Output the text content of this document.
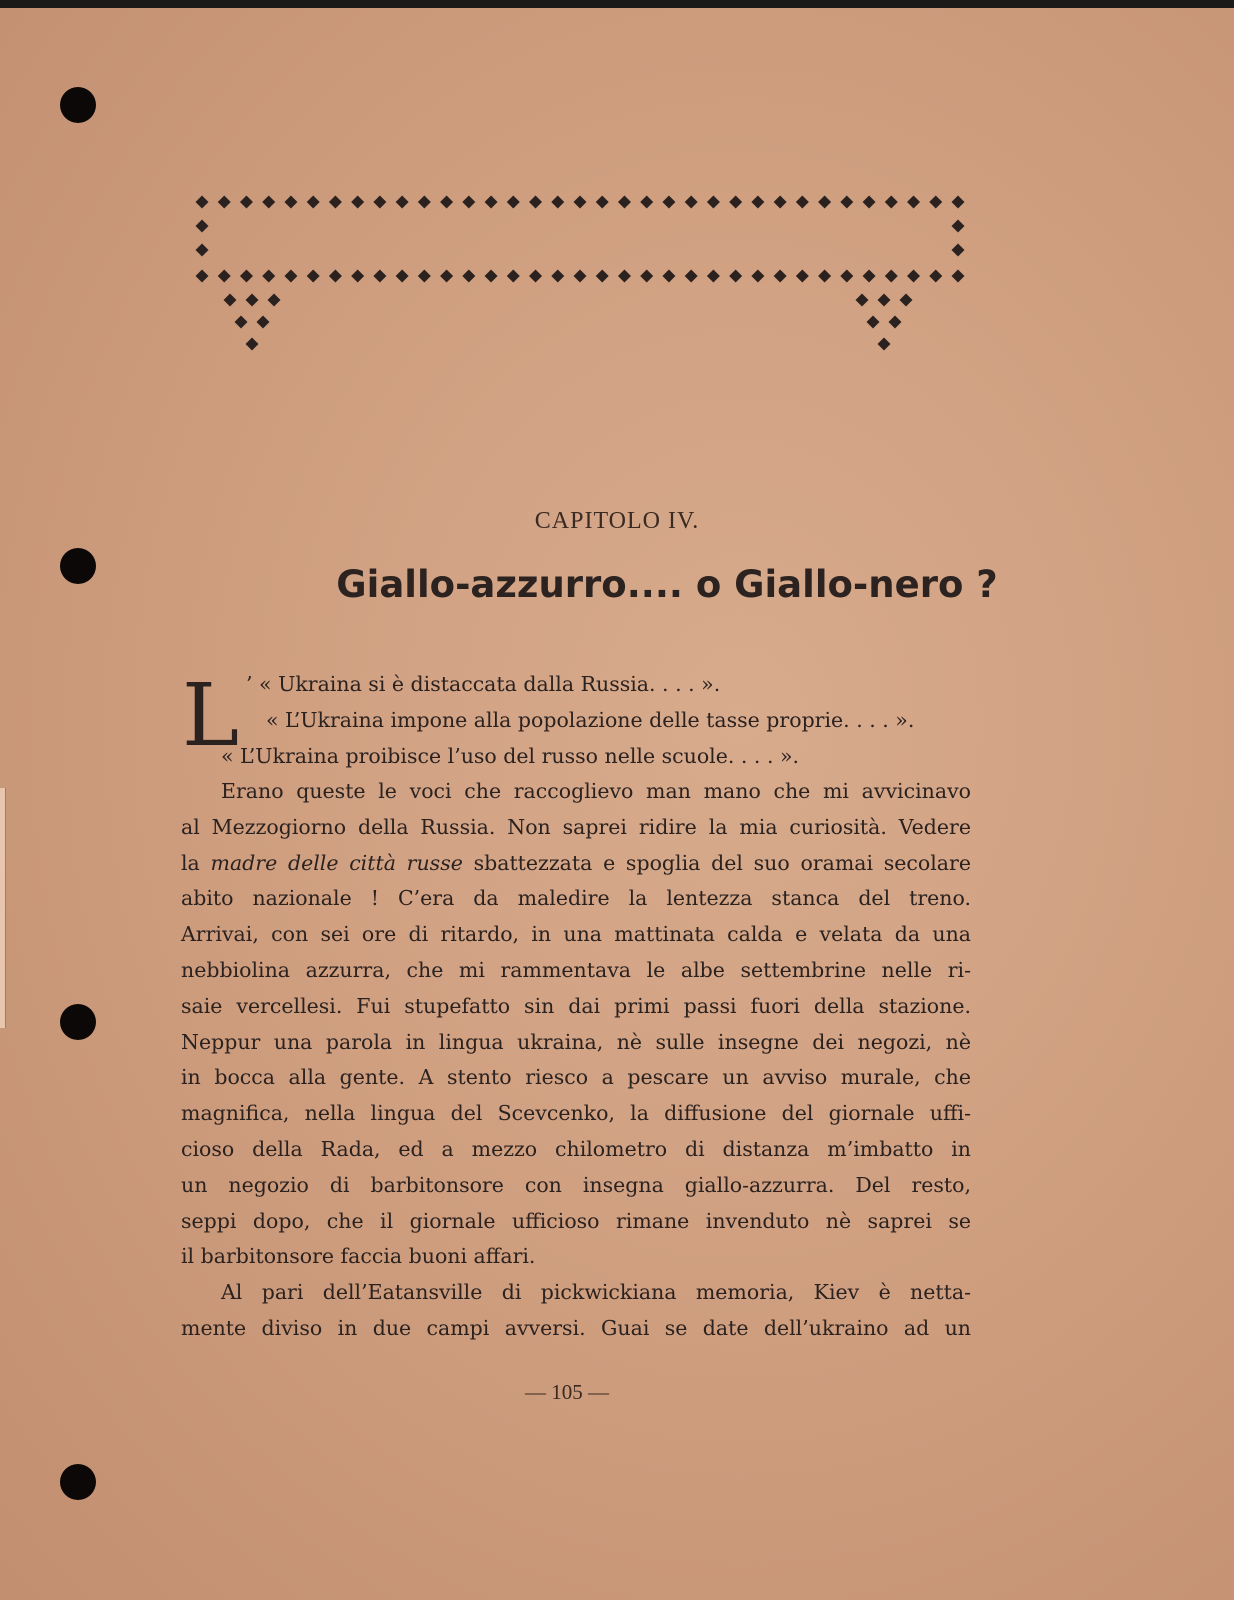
CAPITOLO IV.
Giallo-azzurro.... o Giallo-nero ?
L ’ « Ukraina si è distaccata dalla Russia. . . . ».
« L’Ukraina impone alla popolazione delle tasse proprie. . . . ».
« L’Ukraina proibisce l’uso del russo nelle scuole. . . . ».
Erano queste le voci che raccoglievo man mano che mi avvicinavo
al Mezzogiorno della Russia. Non saprei ridire la mia curiosità. Vedere
la madre delle città russe sbattezzata e spoglia del suo oramai secolare
abito nazionale ! C’era da maledire la lentezza stanca del treno.
Arrivai, con sei ore di ritardo, in una mattinata calda e velata da una
nebbiolina azzurra, che mi rammentava le albe settembrine nelle ri-
saie vercellesi. Fui stupefatto sin dai primi passi fuori della stazione.
Neppur una parola in lingua ukraina, nè sulle insegne dei negozi, nè
in bocca alla gente. A stento riesco a pescare un avviso murale, che
magnifica, nella lingua del Scevcenko, la diffusione del giornale uffi-
cioso della Rada, ed a mezzo chilometro di distanza m’imbatto in
un negozio di barbitonsore con insegna giallo-azzurra. Del resto,
seppi dopo, che il giornale ufficioso rimane invenduto nè saprei se
il barbitonsore faccia buoni affari.
Al pari dell’Eatansville di pickwickiana memoria, Kiev è netta-
mente diviso in due campi avversi. Guai se date dell’ukraino ad un
— 105 —
